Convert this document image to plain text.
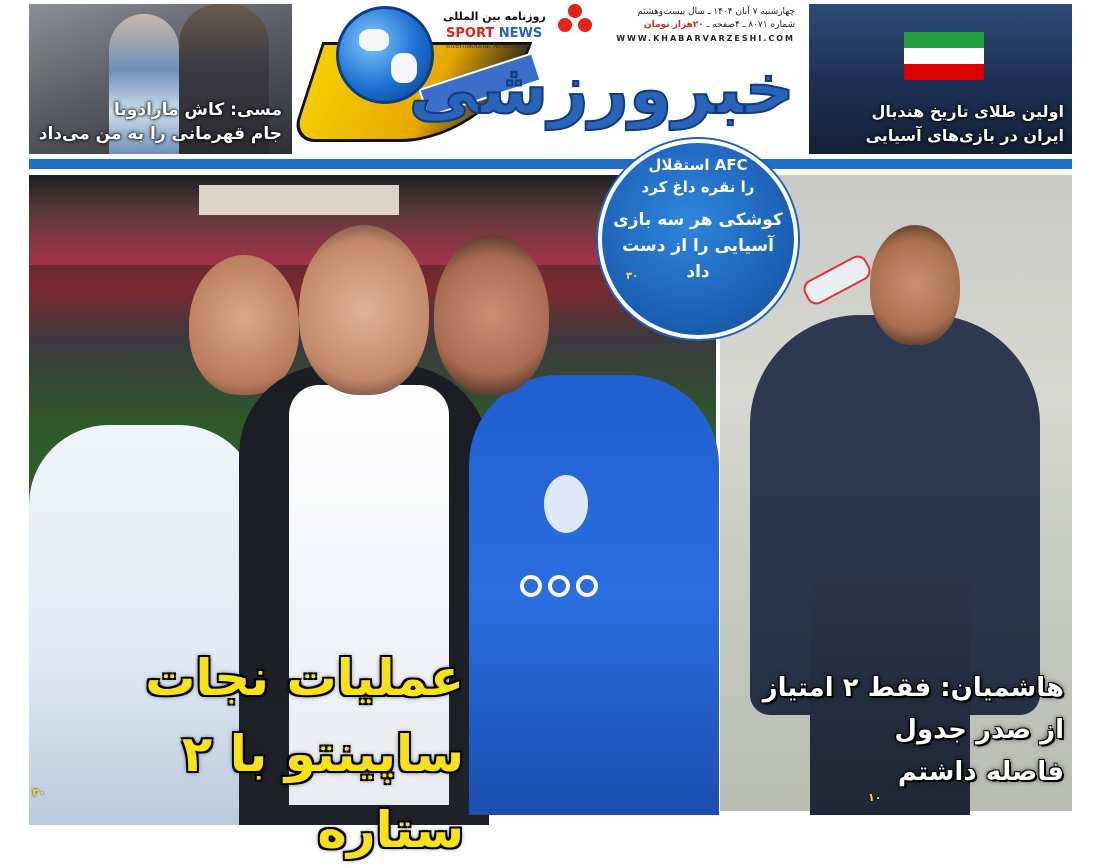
مسی: کاش مارادونا
جام قهرمانی را به من می‌داد
روزنامه بین المللی
SPORT NEWS
International Newspaper
چهارشنبه ۷ آبان ۱۴۰۴ ـ سال بیست‌وهشتم
شماره ۸۰۷۱ ـ ۴صفحه ـ ۲۰هزار تومان
WWW.KHABARVARZESHI.COM
خبرورزشی	اولین طلای تاریخ هندبال
ایران در بازی‌های آسیایی
عملیات نجات
ساپینتو با ۲ ستاره
۳۰
هاشمیان: فقط ۲ امتیاز
از صدر جدول
فاصله داشتم
۱۰
AFC استقلال
را نقره داغ کرد
کوشکی هر سه بازی آسیایی را از دست داد
۳۰
